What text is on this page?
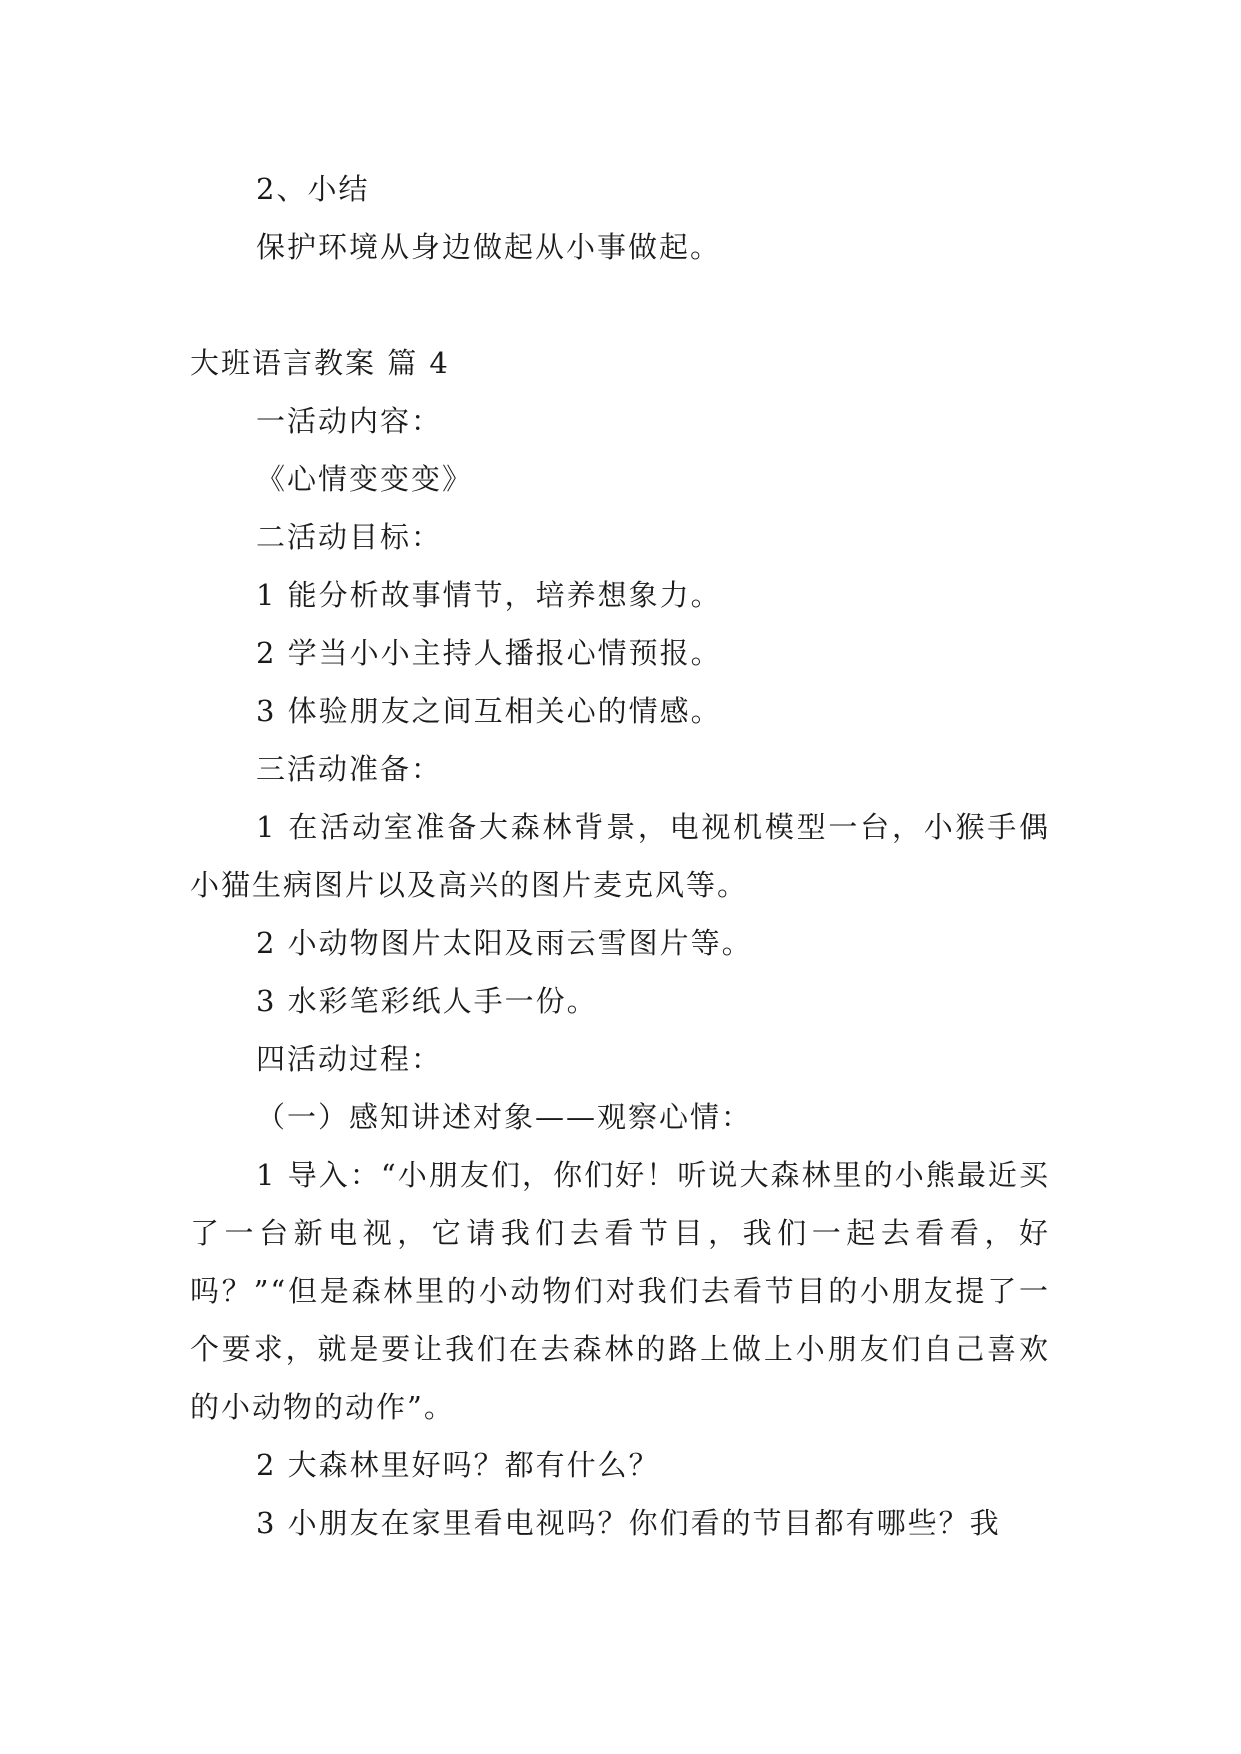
2、小结

保护环境从身边做起从小事做起。

大班语言教案 篇 4

一活动内容：

《心情变变变》

二活动目标：

1 能分析故事情节，培养想象力。

2 学当小小主持人播报心情预报。

3 体验朋友之间互相关心的情感。

三活动准备：

1 在活动室准备大森林背景，电视机模型一台，小猴手偶小猫生病图片以及高兴的图片麦克风等。

2 小动物图片太阳及雨云雪图片等。

3 水彩笔彩纸人手一份。

四活动过程：

（一）感知讲述对象——观察心情：

1 导入：“小朋友们，你们好！听说大森林里的小熊最近买了一台新电视，它请我们去看节目，我们一起去看看，好吗？”“但是森林里的小动物们对我们去看节目的小朋友提了一个要求，就是要让我们在去森林的路上做上小朋友们自己喜欢的小动物的动作”。

2 大森林里好吗？都有什么？

3 小朋友在家里看电视吗？你们看的节目都有哪些？我
